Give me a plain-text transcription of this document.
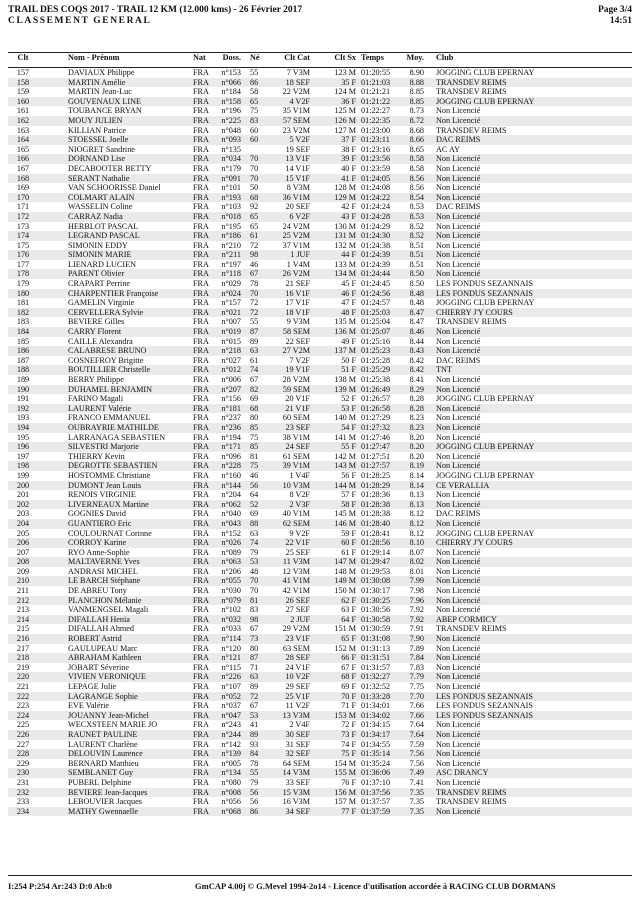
TRAIL DES COQS 2017 - TRAIL 12 KM (12.000 kms) - 26 Février 2017
CLASSEMENT GENERAL
Page 3/4
14:51
Clt	Nom - Prénom	Nat	Doss. Né	Clt Cat	Clt Sx Temps	Moy. Club
157	DAVIAUX Philippe	FRA	n°153 55	7 V3M	123 M 01:20:55	8.90 JOGGING CLUB EPERNAY
158	MARTIN Amélie	FRA	n°066 86	18 SEF	35 F 01:21:03	8.88 TRANSDEV REIMS
159	MARTIN Jean-Luc	FRA	n°184 58	22 V2M	124 M 01:21:21	8.85 TRANSDEV REIMS
160	GOUVENAUX LINE	FRA	n°158 65	4 V2F	36 F 01:21:22	8.85 JOGGING CLUB EPERNAY
161	TOUBANCE BRYAN	FRA	n°196 75	35 V1M	125 M 01:22:27	8.73 Non Licencié
162	MOUY JULIEN	FRA	n°225 83	57 SEM	126 M 01:22:35	8.72 Non Licencié
163	KILLIAN Patrice	FRA	n°048 60	23 V2M	127 M 01:23:00	8.68 TRANSDEV REIMS
164	STOESSEL Joelle	FRA	n°093 60	5 V2F	37 F 01:23:11	8.66 DAC REIMS
165	NIOGRET Sandrine	FRA	n°135	19 SEF	38 F 01:23:16	8.65 AC AY
166	DORNAND Lise	FRA	n°034 70	13 V1F	39 F 01:23:56	8.58 Non Licencié
167	DECABOOTER BETTY	FRA	n°179 70	14 V1F	40 F 01:23:59	8.58 Non Licencié
168	SERANT Nathalie	FRA	n°091 70	15 V1F	41 F 01:24:05	8.56 Non Licencié
169	VAN SCHOORISSE Daniel	FRA	n°101 50	8 V3M	128 M 01:24:08	8.56 Non Licencié
170	COLMART ALAIN	FRA	n°193 68	36 V1M	129 M 01:24:22	8.54 Non Licencié
171	WASSELIN Coline	FRA	n°103 92	20 SEF	42 F 01:24:24	8.53 DAC REIMS
172	CARRAZ Nadia	FRA	n°018 65	6 V2F	43 F 01:24:28	8.53 Non Licencié
173	HERBLOT PASCAL	FRA	n°195 65	24 V2M	130 M 01:24:29	8.52 Non Licencié
174	LEGRAND PASCAL	FRA	n°186 61	25 V2M	131 M 01:24:30	8.52 Non Licencié
175	SIMONIN EDDY	FRA	n°210 72	37 V1M	132 M 01:24:38	8.51 Non Licencié
176	SIMONIN MARIE	FRA	n°211 98	1 JUF	44 F 01:24:39	8.51 Non Licencié
177	LIENARD LUCIEN	FRA	n°197 46	1 V4M	133 M 01:24:39	8.51 Non Licencié
178	PARENT Olivier	FRA	n°118 67	26 V2M	134 M 01:24:44	8.50 Non Licencié
179	CRAPART Perrine	FRA	n°029 78	21 SEF	45 F 01:24:45	8.50 LES FONDUS SEZANNAIS
180	CHARPENTIER Françoise	FRA	n°024 70	16 V1F	46 F 01:24:56	8.48 LES FONDUS SEZANNAIS
181	GAMELIN Virginie	FRA	n°157 72	17 V1F	47 F 01:24:57	8.48 JOGGING CLUB EPERNAY
182	CERVELLERA Sylvie	FRA	n°021 72	18 V1F	48 F 01:25:03	8.47 CHIERRY J'Y COURS
183	BEVIERE Gilles	FRA	n°007 55	9 V3M	135 M 01:25:04	8.47 TRANSDEV REIMS
184	CARRY Florent	FRA	n°019 87	58 SEM	136 M 01:25:07	8.46 Non Licencié
185	CAILLE Alexandra	FRA	n°015 89	22 SEF	49 F 01:25:16	8.44 Non Licencié
186	CALABRESE BRUNO	FRA	n°218 63	27 V2M	137 M 01:25:23	8.43 Non Licencié
187	COSNEFROY Brigitte	FRA	n°027 61	7 V2F	50 F 01:25:28	8.42 DAC REIMS
188	BOUTILLIER Christelle	FRA	n°012 74	19 V1F	51 F 01:25:29	8.42 TNT
189	BERRY Philippe	FRA	n°006 67	28 V2M	138 M 01:25:38	8.41 Non Licencié
190	DUHAMEL BENJAMIN	FRA	n°207 82	59 SEM	139 M 01:26:49	8.29 Non Licencié
191	FARINO Magali	FRA	n°156 69	20 V1F	52 F 01:26:57	8.28 JOGGING CLUB EPERNAY
192	LAURENT Valérie	FRA	n°181 68	21 V1F	53 F 01:26:58	8.28 Non Licencié
193	FRANCO EMMANUEL	FRA	n°237 80	60 SEM	140 M 01:27:29	8.23 Non Licencié
194	OUBRAYRIE MATHILDE	FRA	n°236 85	23 SEF	54 F 01:27:32	8.23 Non Licencié
195	LARRANAGA SEBASTIEN	FRA	n°194 75	38 V1M	141 M 01:27:46	8.20 Non Licencié
196	SILVESTRI Marjorie	FRA	n°171 85	24 SEF	55 F 01:27:47	8.20 JOGGING CLUB EPERNAY
197	THIERRY Kevin	FRA	n°096 81	61 SEM	142 M 01:27:51	8.20 Non Licencié
198	DEGROTTE SEBASTIEN	FRA	n°228 75	39 V1M	143 M 01:27:57	8.19 Non Licencié
199	HOSTOMME Christiane	FRA	n°160 46	1 V4F	56 F 01:28:25	8.14 JOGGING CLUB EPERNAY
200	DUMONT Jean Louis	FRA	n°144 56	10 V3M	144 M 01:28:29	8.14 CE VERALLIA
201	RENOIS VIRGINIE	FRA	n°204 64	8 V2F	57 F 01:28:36	8.13 Non Licencié
202	LIVERNEAUX Martine	FRA	n°062 52	2 V3F	58 F 01:28:38	8.13 Non Licencié
203	GOGNIES David	FRA	n°040 69	40 V1M	145 M 01:28:38	8.12 DAC REIMS
204	GUANTIERO Eric	FRA	n°043 88	62 SEM	146 M 01:28:40	8.12 Non Licencié
205	COULOURNAT Corinne	FRA	n°152 63	9 V2F	59 F 01:28:41	8.12 JOGGING CLUB EPERNAY
206	CORROY Karine	FRA	n°026 74	22 V1F	60 F 01:28:56	8.10 CHIERRY J'Y COURS
207	RYO Anne-Sophie	FRA	n°089 79	25 SEF	61 F 01:29:14	8.07 Non Licencié
208	MALTAVERNE Yves	FRA	n°063 53	11 V3M	147 M 01:29:47	8.02 Non Licencié
209	ANDRASI MICHEL	FRA	n°206 48	12 V3M	148 M 01:29:53	8.01 Non Licencié
210	LE BARCH Stéphane	FRA	n°055 70	41 V1M	149 M 01:30:08	7.99 Non Licencié
211	DE ABREU Tony	FRA	n°030 70	42 V1M	150 M 01:30:17	7.98 Non Licencié
212	PLANCHON Mélanie	FRA	n°079 81	26 SEF	62 F 01:30:25	7.96 Non Licencié
213	VANMENGSEL Magali	FRA	n°102 83	27 SEF	63 F 01:30:56	7.92 Non Licencié
214	DIFALLAH Henia	FRA	n°032 98	2 JUF	64 F 01:30:58	7.92 ABEP CORMICY
215	DIFALLAH Ahmed	FRA	n°033 67	29 V2M	151 M 01:30:59	7.91 TRANSDEV REIMS
216	ROBERT Astrid	FRA	n°114 73	23 V1F	65 F 01:31:08	7.90 Non Licencié
217	GAULUPEAU Marc	FRA	n°120 80	63 SEM	152 M 01:31:13	7.89 Non Licencié
218	ABRAHAM Kathleen	FRA	n°121 87	28 SEF	66 F 01:31:51	7.84 Non Licencié
219	JOBART Séverine	FRA	n°115 71	24 V1F	67 F 01:31:57	7.83 Non Licencié
220	VIVIEN VERONIQUE	FRA	n°226 63	10 V2F	68 F 01:32:27	7.79 Non Licencié
221	LEPAGE Julie	FRA	n°107 89	29 SEF	69 F 01:32:52	7.75 Non Licencié
222	LAGRANGE Sophie	FRA	n°052 72	25 V1F	70 F 01:33:28	7.70 LES FONDUS SEZANNAIS
223	EVE Valérie	FRA	n°037 67	11 V2F	71 F 01:34:01	7.66 LES FONDUS SEZANNAIS
224	JOUANNY Jean-Michel	FRA	n°047 53	13 V3M	153 M 01:34:02	7.66 LES FONDUS SEZANNAIS
225	WECXSTEEN MARIE JO	FRA	n°243 41	2 V4F	72 F 01:34:15	7.64 Non Licencié
226	RAUNET PAULINE	FRA	n°244 89	30 SEF	73 F 01:34:17	7.64 Non Licencié
227	LAURENT Charlène	FRA	n°142 93	31 SEF	74 F 01:34:55	7.59 Non Licencié
228	DELOUVIN Laurence	FRA	n°139 84	32 SEF	75 F 01:35:14	7.56 Non Licencié
229	BERNARD Matthieu	FRA	n°005 78	64 SEM	154 M 01:35:24	7.56 Non Licencié
230	SEMBLANET Guy	FRA	n°134 55	14 V3M	155 M 01:36:06	7.49 ASC DRANCY
231	PUBERL Delphine	FRA	n°080 79	33 SEF	76 F 01:37:10	7.41 Non Licencié
232	BEVIERE Jean-Jacques	FRA	n°008 56	15 V3M	156 M 01:37:56	7.35 TRANSDEV REIMS
233	LEBOUVIER Jacques	FRA	n°056 56	16 V3M	157 M 01:37:57	7.35 TRANSDEV REIMS
234	MATHY Gwennaelle	FRA	n°068 86	34 SEF	77 F 01:37:59	7.35 Non Licencié
I:254 P:254 Ar:243 D:0 Ab:0	GmCAP 4.00j © G.Mevel 1994-2o14 - Licence d'utilisation accordée à RACING CLUB DORMANS
